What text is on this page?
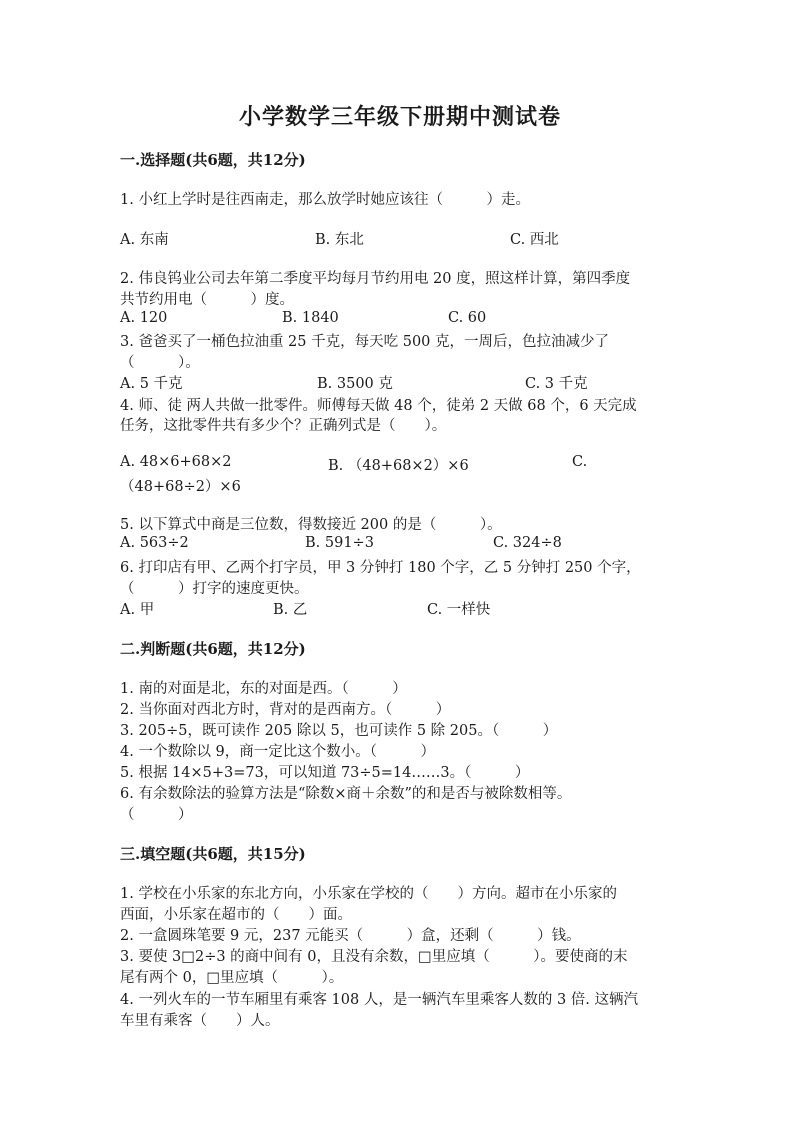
小学数学三年级下册期中测试卷
一.选择题(共6题，共12分)
1. 小红上学时是往西南走，那么放学时她应该往（　　　）走。
A. 东南	B. 东北	C. 西北
2. 伟良钨业公司去年第二季度平均每月节约用电 20 度，照这样计算，第四季度
共节约用电（　　　）度。
A. 120	B. 1840	C. 60
3. 爸爸买了一桶色拉油重 25 千克，每天吃 500 克，一周后，色拉油减少了
（　　　）。
A. 5 千克	B. 3500 克	C. 3 千克
4. 师、徒 两人共做一批零件。师傅每天做 48 个，徒弟 2 天做 68 个，6 天完成
任务，这批零件共有多少个？正确列式是（　　）。
A. 48×6+68×2	B. （48+68×2）×6	C.
（48+68÷2）×6
5. 以下算式中商是三位数，得数接近 200 的是（　　　）。
A. 563÷2	B. 591÷3	C. 324÷8
6. 打印店有甲、乙两个打字员，甲 3 分钟打 180 个字，乙 5 分钟打 250 个字，
（　　　）打字的速度更快。
A. 甲	B. 乙	C. 一样快
二.判断题(共6题，共12分)
1. 南的对面是北，东的对面是西。（　　　）
2. 当你面对西北方时，背对的是西南方。（　　　）
3. 205÷5，既可读作 205 除以 5，也可读作 5 除 205。（　　　）
4. 一个数除以 9，商一定比这个数小。（　　　）
5. 根据 14×5+3=73，可以知道 73÷5=14……3。（　　　）
6. 有余数除法的验算方法是“除数×商＋余数”的和是否与被除数相等。
（　　　）
三.填空题(共6题，共15分)
1. 学校在小乐家的东北方向，小乐家在学校的（　　）方向。超市在小乐家的
西面，小乐家在超市的（　　）面。
2. 一盒圆珠笔要 9 元，237 元能买（　　　）盒，还剩（　　　）钱。
3. 要使 3□2÷3 的商中间有 0，且没有余数，□里应填（　　　）。要使商的末
尾有两个 0，□里应填（　　　）。
4. 一列火车的一节车厢里有乘客 108 人，是一辆汽车里乘客人数的 3 倍. 这辆汽
车里有乘客（　　）人。
